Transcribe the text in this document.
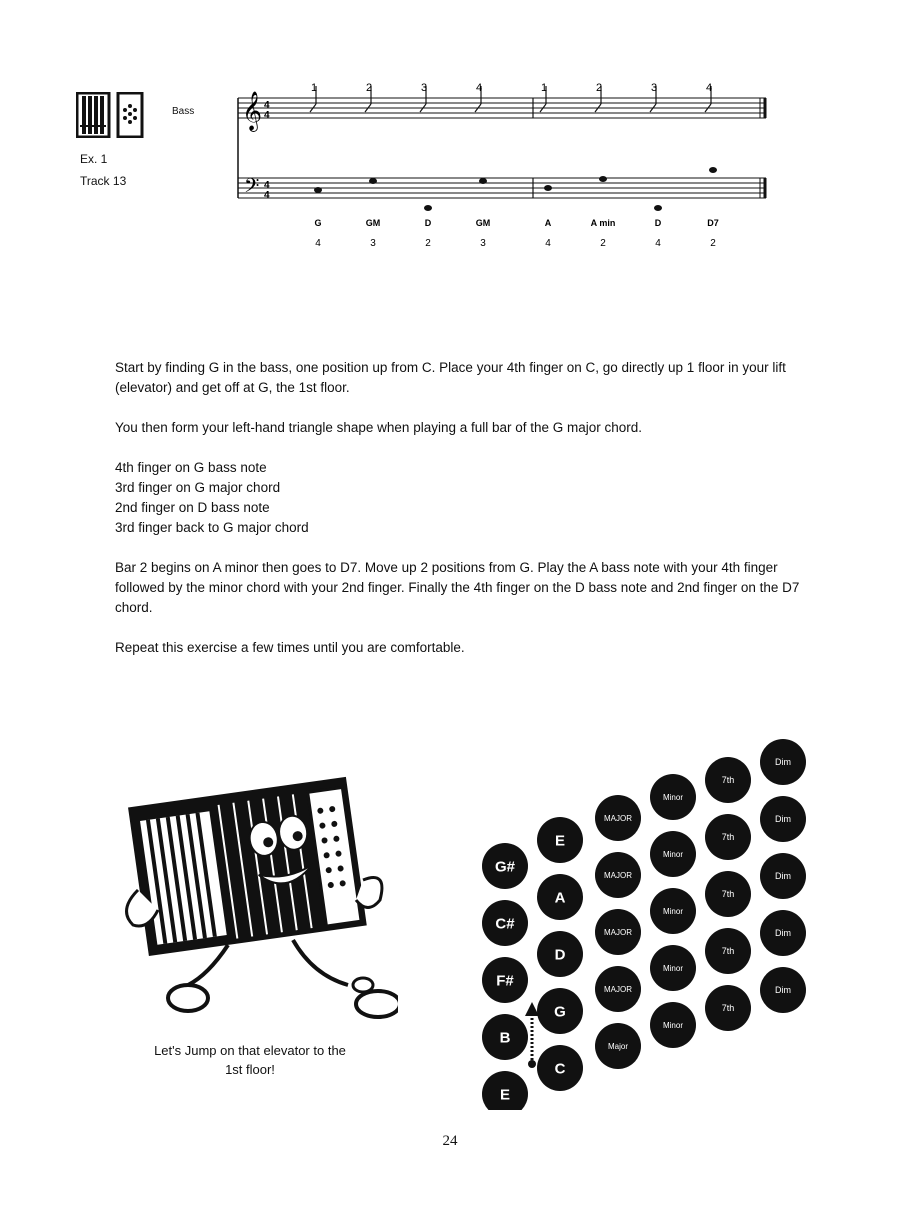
Bass
Ex. 1
Track 13
𝄞
𝄢
4
4
4
4
1
G
4
2
GM
3
3
D
2
4
GM
3
1
A
4
2
A min
2
3
D
4
4
D7
2

Start by finding G in the bass, one position up from C. Place your 4th finger on C, go directly up 1 floor in your lift (elevator) and get off at G, the 1st floor.

You then form your left-hand triangle shape when playing a full bar of the G major chord.

4th finger on G bass note
3rd finger on G major chord
2nd finger on D bass note
3rd finger back to G major chord

Bar 2 begins on A minor then goes to D7. Move up 2 positions from G. Play the A bass note with your 4th finger followed by the minor chord with your 2nd finger. Finally the 4th finger on the D bass note and 2nd finger on the D7 chord.

Repeat this exercise a few times until you are comfortable.

Let's Jump on that elevator to the
1st floor!
G#
C#
F#
B
E
E
A
D
G
C
MAJOR
MAJOR
MAJOR
MAJOR
Major
Minor
Minor
Minor
Minor
Minor
7th
7th
7th
7th
7th
Dim
Dim
Dim
Dim
Dim
24
